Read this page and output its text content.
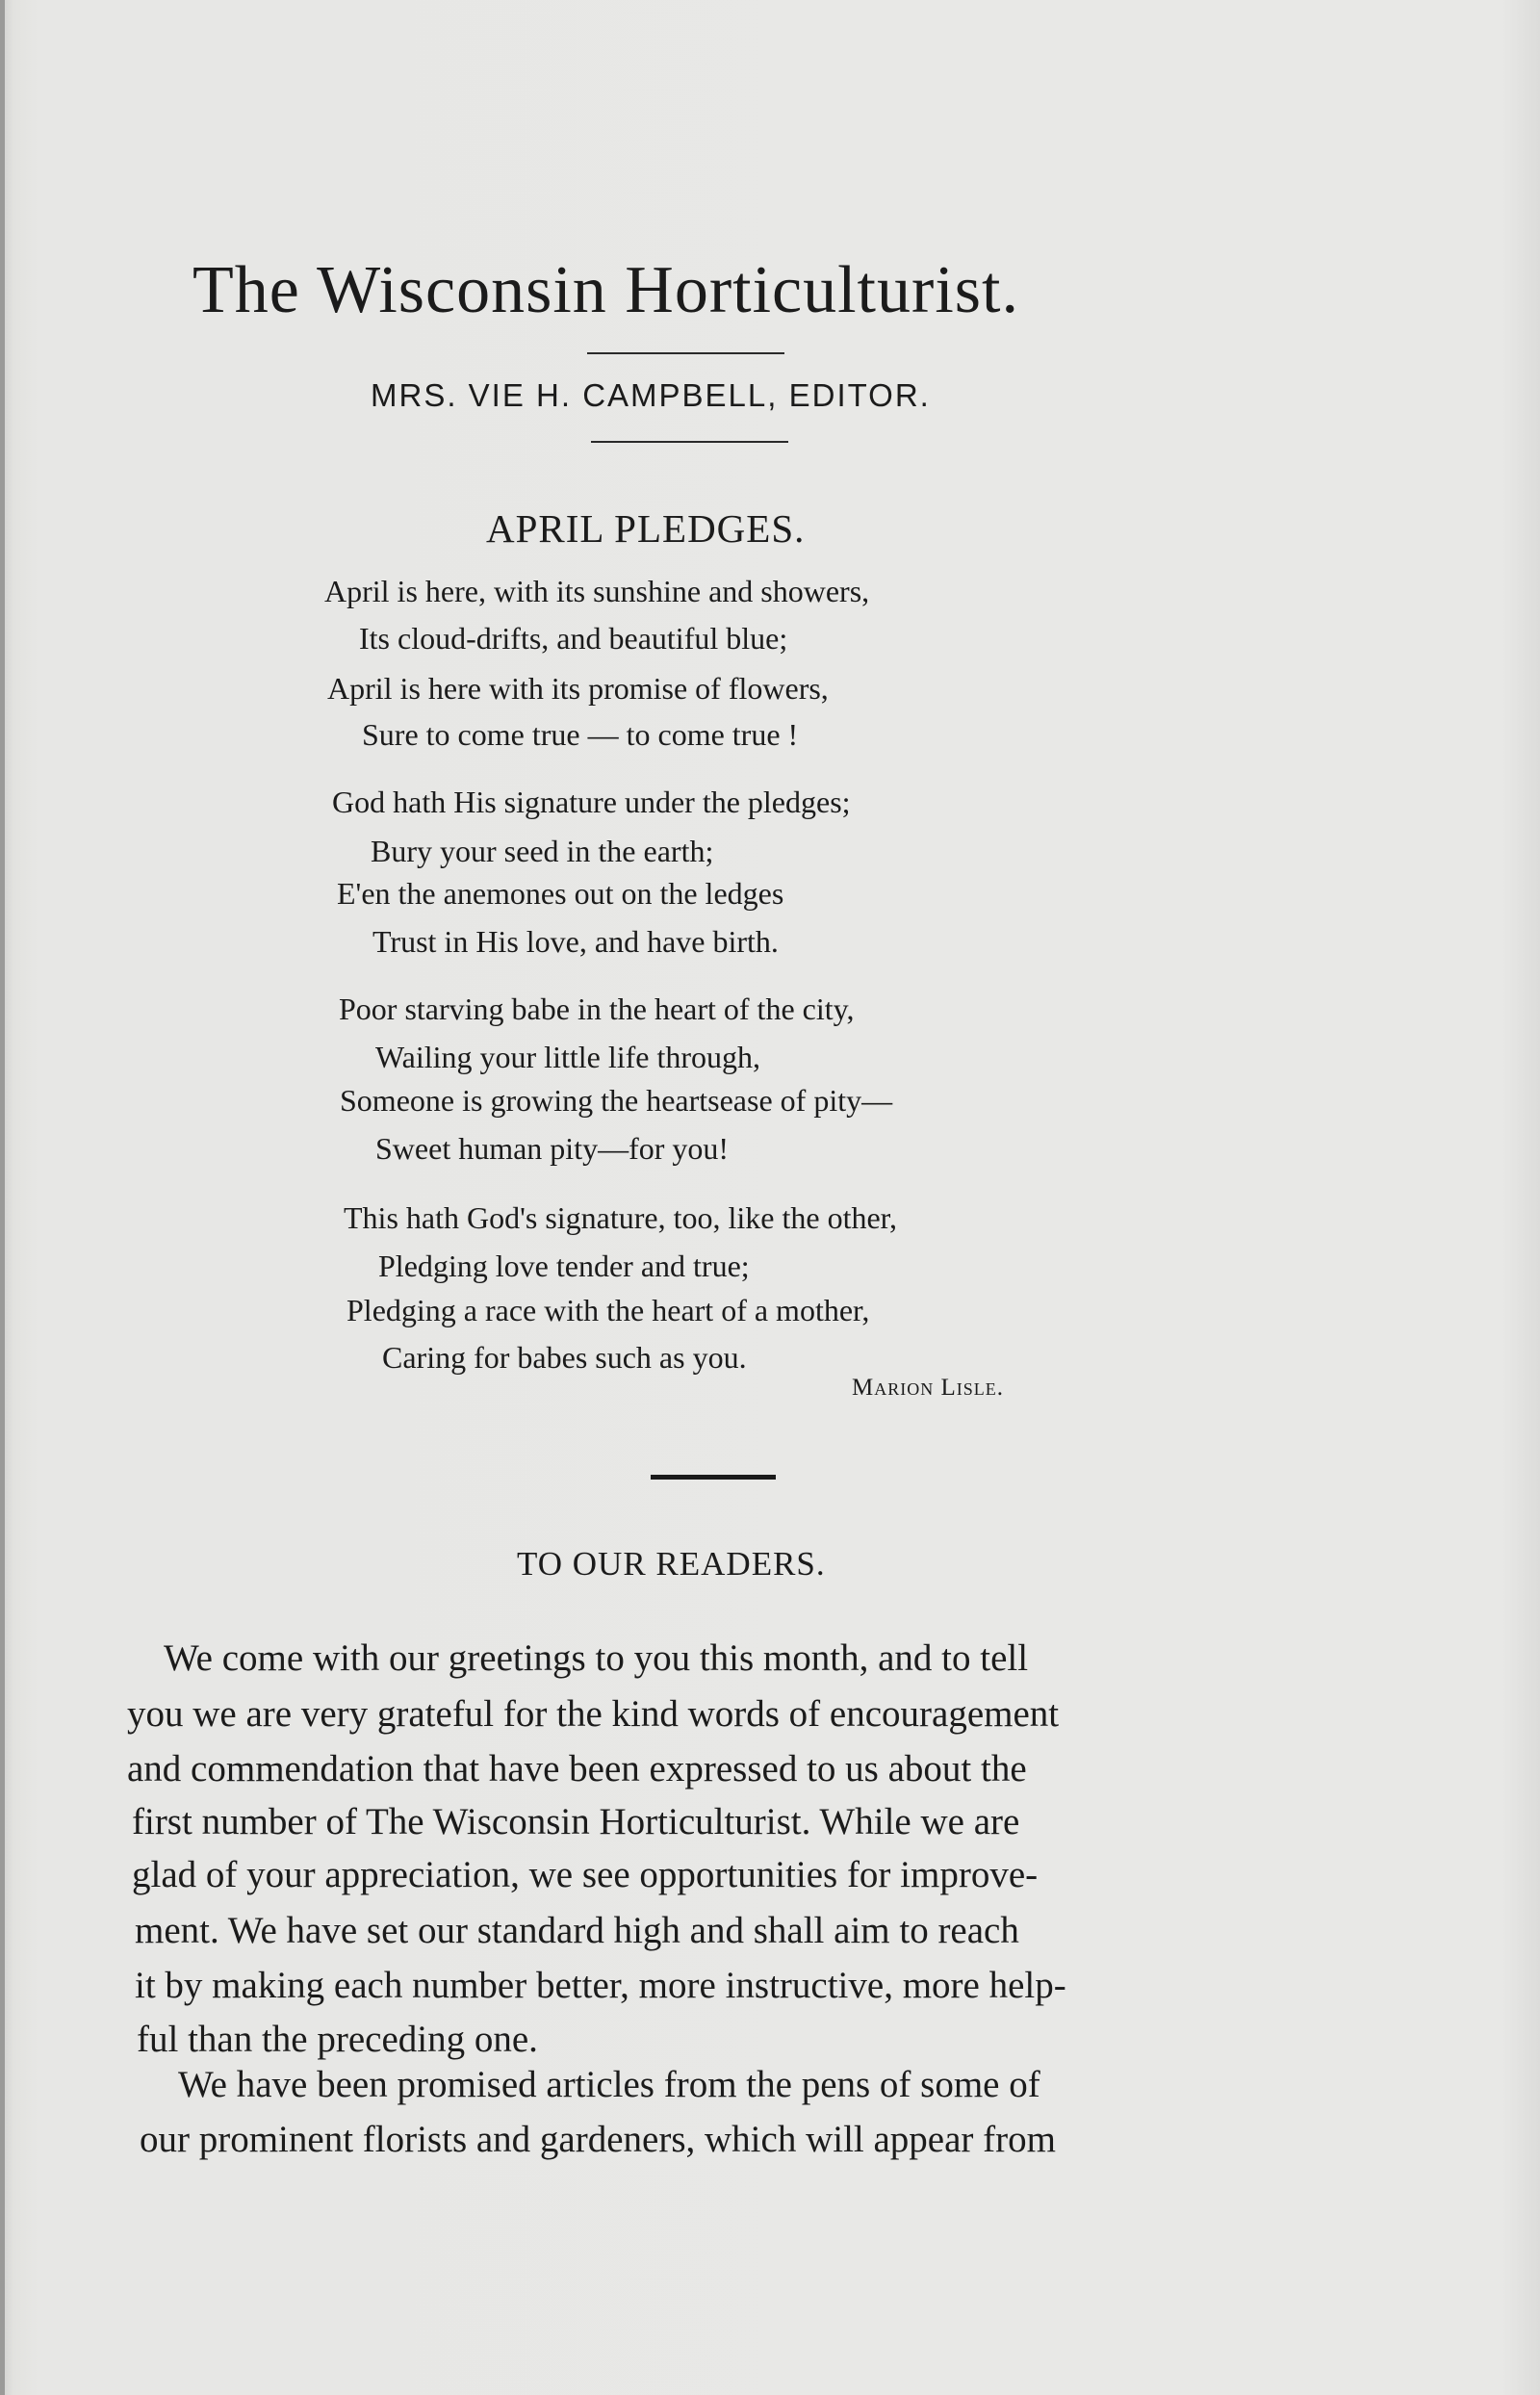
The Wisconsin Horticulturist.
MRS. VIE H. CAMPBELL, EDITOR.
APRIL PLEDGES.
April is here, with its sunshine and showers,
Its cloud-drifts, and beautiful blue;
April is here with its promise of flowers,
Sure to come true — to come true !
God hath His signature under the pledges;
Bury your seed in the earth;
E'en the anemones out on the ledges
Trust in His love, and have birth.
Poor starving babe in the heart of the city,
Wailing your little life through,
Someone is growing the heartsease of pity—
Sweet human pity—for you!
This hath God's signature, too, like the other,
Pledging love tender and true;
Pledging a race with the heart of a mother,
Caring for babes such as you.
Marion Lisle.
TO OUR READERS.
We come with our greetings to you this month, and to tell
you we are very grateful for the kind words of encouragement
and commendation that have been expressed to us about the
first number of The Wisconsin Horticulturist. While we are
glad of your appreciation, we see opportunities for improve-
ment. We have set our standard high and shall aim to reach
it by making each number better, more instructive, more help-
ful than the preceding one.
We have been promised articles from the pens of some of
our prominent florists and gardeners, which will appear from
